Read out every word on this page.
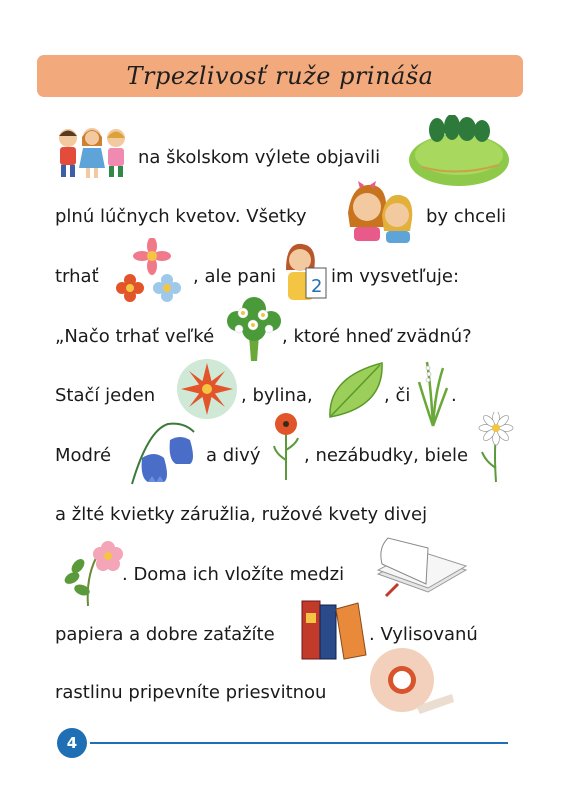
Trpezlivosť ruže prináša
na školskom výlete objavili
plnú lúčnych kvetov. Všetky	by chceli
trhať	, ale pani 2 im vysvetľuje:
„Načo trhať veľké	, ktoré hneď zvädnú?
Stačí jeden	, bylina,	, či .
Modré	a divý , nezábudky, biele
a žlté kvietky záružlia, ružové kvety divej
. Doma ich vložíte medzi
papiera a dobre zaťažíte	. Vylisovanú
rastlinu pripevníte priesvitnou
4
